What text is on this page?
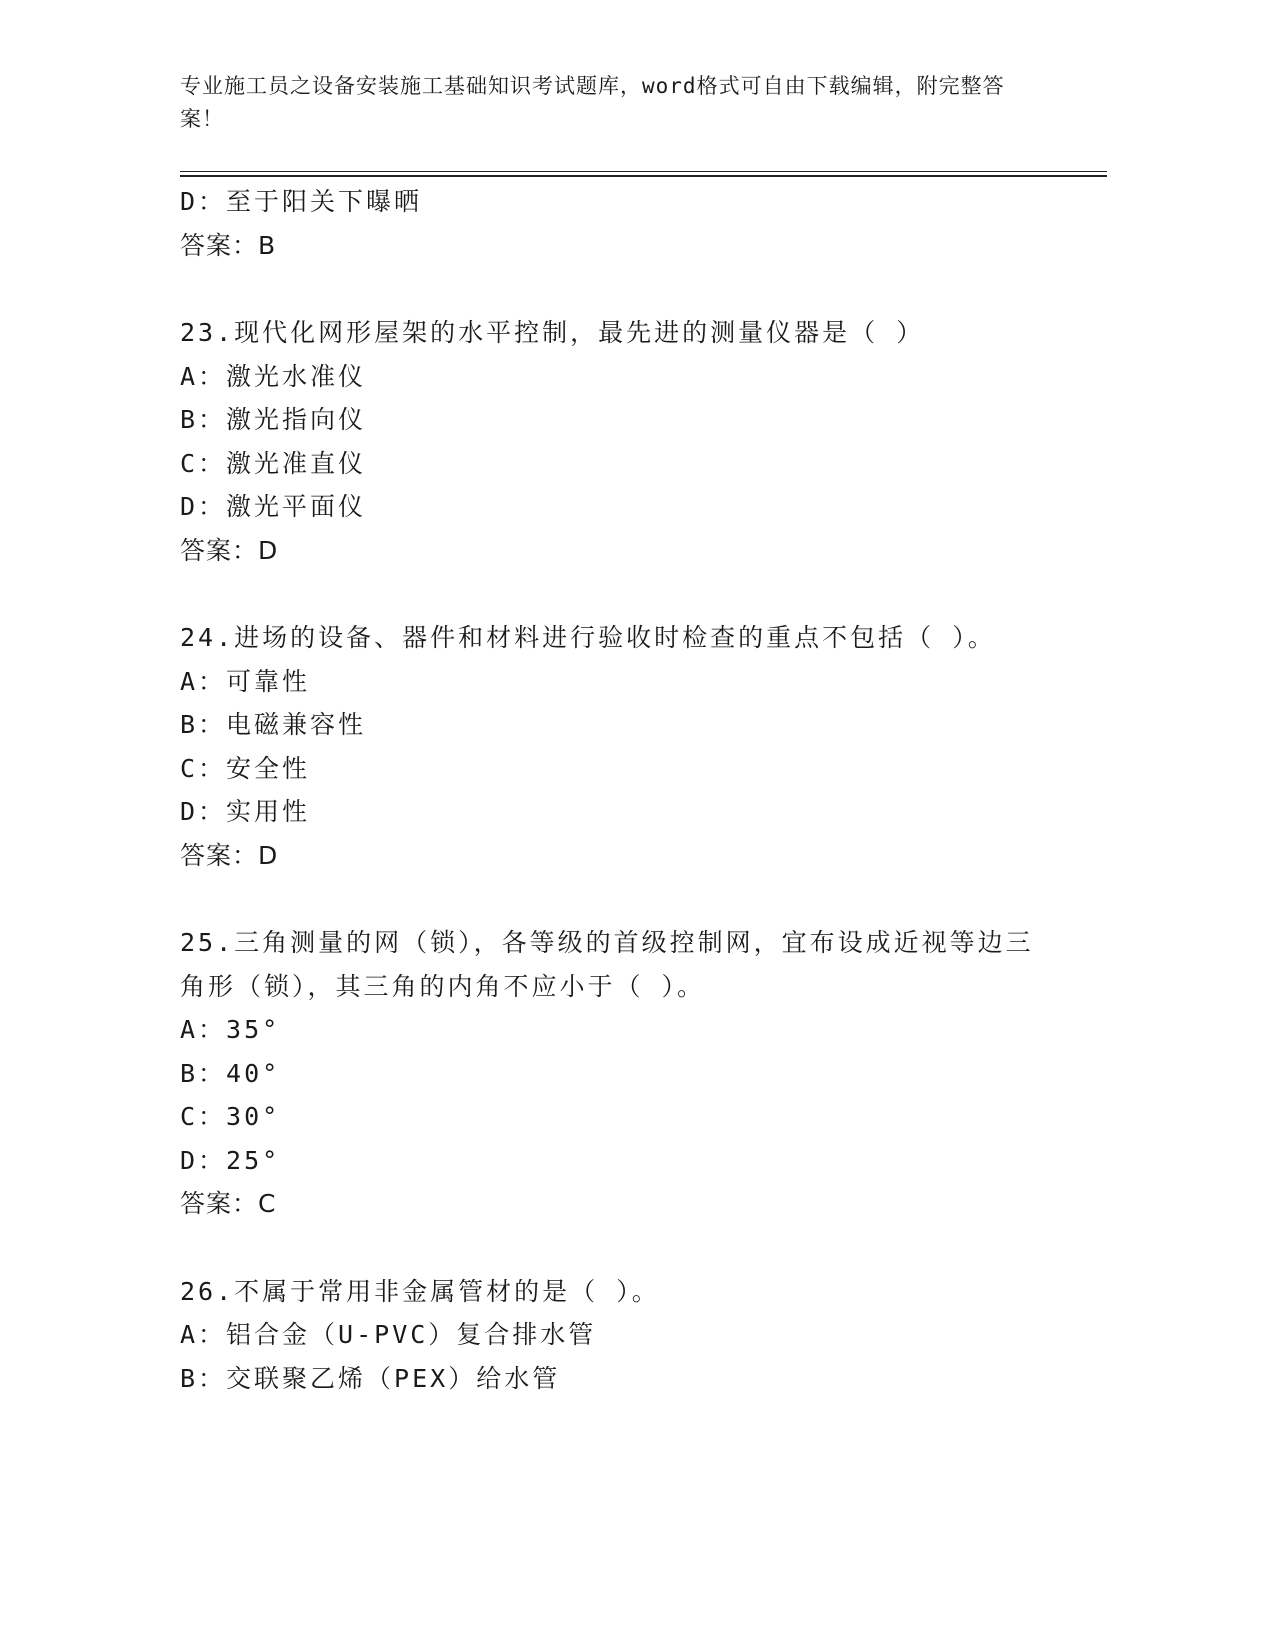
专业施工员之设备安装施工基础知识考试题库，word格式可自由下载编辑，附完整答案！
D：至于阳关下曝晒
答案：B
23.现代化网形屋架的水平控制，最先进的测量仪器是（ ）
A：激光水准仪
B：激光指向仪
C：激光准直仪
D：激光平面仪
答案：D
24.进场的设备、器件和材料进行验收时检查的重点不包括（ ）。
A：可靠性
B：电磁兼容性
C：安全性
D：实用性
答案：D
25.三角测量的网（锁），各等级的首级控制网，宜布设成近视等边三角形（锁），其三角的内角不应小于（ ）。
A：35°
B：40°
C：30°
D：25°
答案：C
26.不属于常用非金属管材的是（ ）。
A：铝合金（U-PVC）复合排水管
B：交联聚乙烯（PEX）给水管
